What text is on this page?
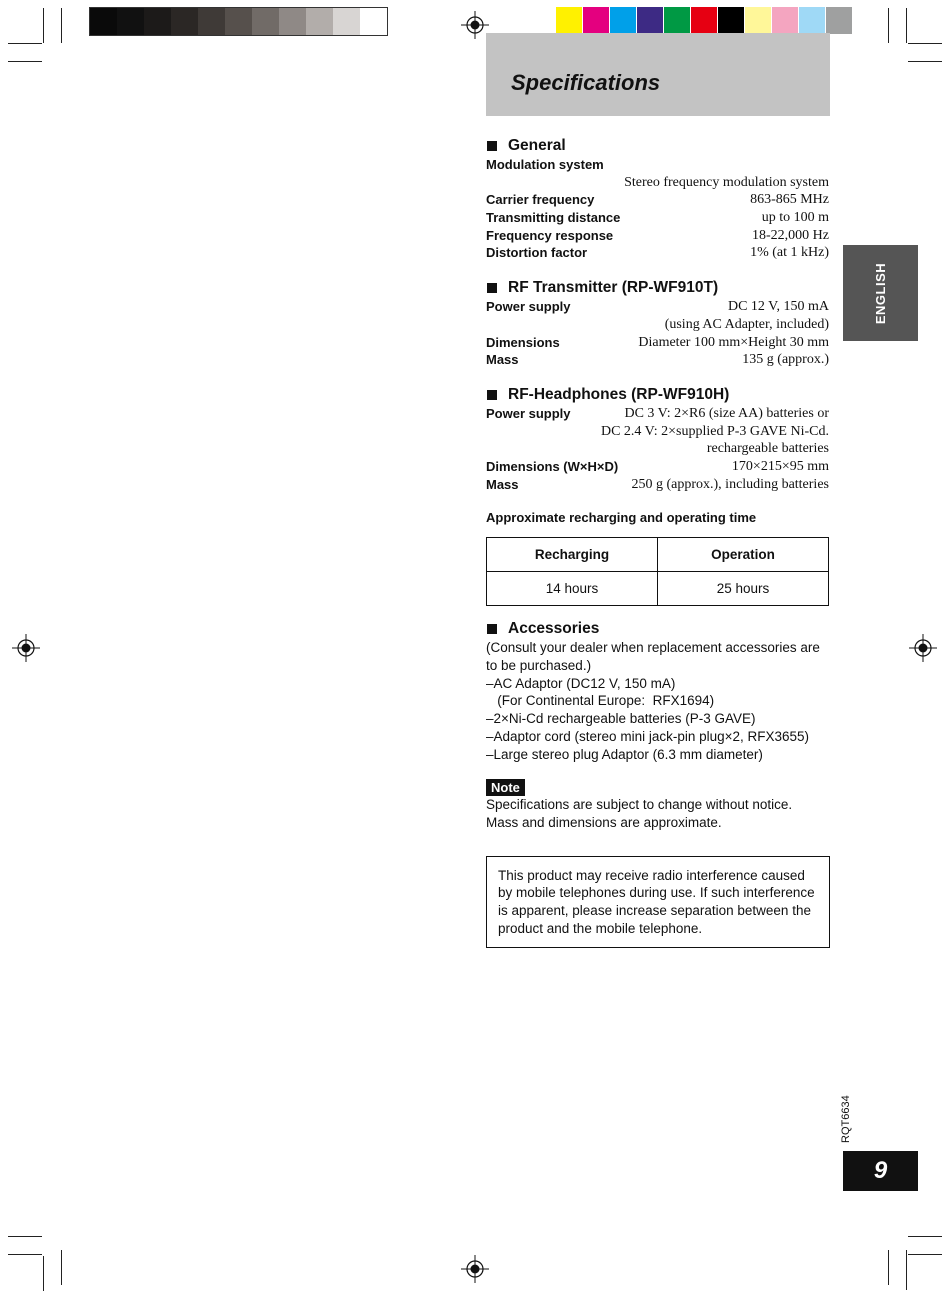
Specifications
ENGLISH
General
Modulation system
Stereo frequency modulation system
Carrier frequency	863-865 MHz
Transmitting distance	up to 100 m
Frequency response	18-22,000 Hz
Distortion factor	1% (at 1 kHz)
RF Transmitter (RP-WF910T)
Power supply	DC 12 V, 150 mA
(using AC Adapter, included)
Dimensions	Diameter 100 mm×Height 30 mm
Mass	135 g (approx.)
RF-Headphones (RP-WF910H)
Power supply	DC 3 V: 2×R6 (size AA) batteries or
DC 2.4 V: 2×supplied P-3 GAVE Ni-Cd.
rechargeable batteries
Dimensions (W×H×D)	170×215×95 mm
Mass	250 g (approx.), including batteries
Approximate recharging and operating time
Recharging	Operation
14 hours	25 hours
Accessories
(Consult your dealer when replacement accessories are
to be purchased.)
–AC Adaptor (DC12 V, 150 mA)
(For Continental Europe:  RFX1694)
–2×Ni-Cd rechargeable batteries (P-3 GAVE)
–Adaptor cord (stereo mini jack-pin plug×2, RFX3655)
–Large stereo plug Adaptor (6.3 mm diameter)
Note
Specifications are subject to change without notice.
Mass and dimensions are approximate.
This product may receive radio interference caused by mobile telephones during use. If such interference is apparent, please increase separation between the product and the mobile telephone.
RQT6634
9
